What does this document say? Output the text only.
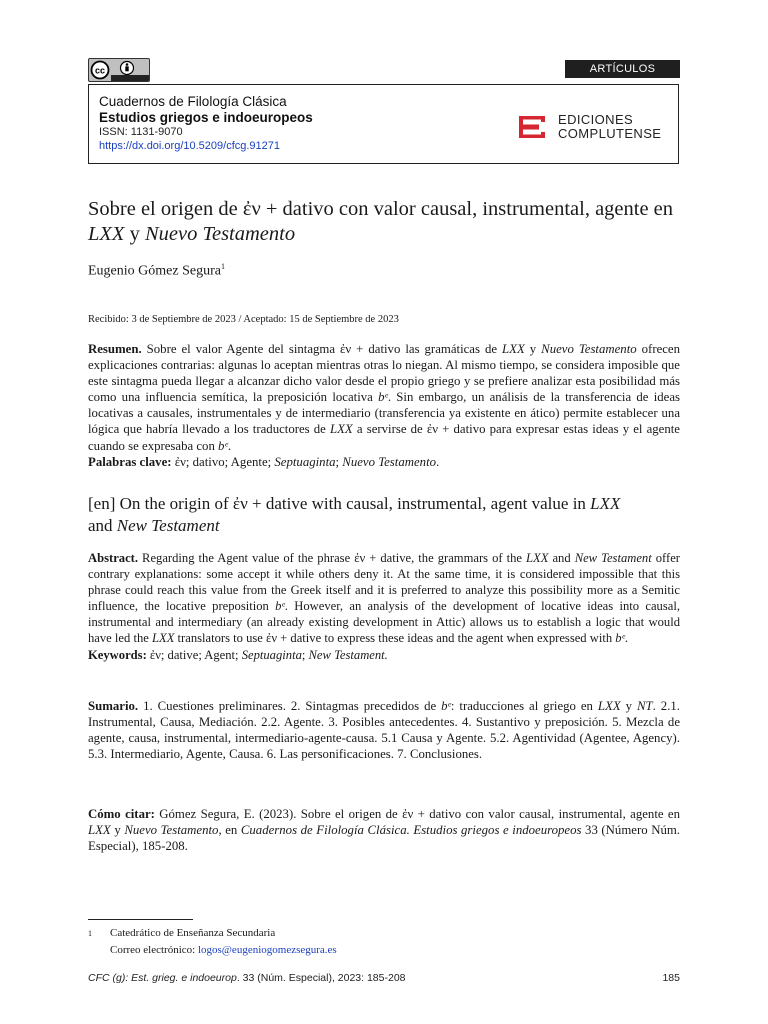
cc	ARTÍCULOS
Cuadernos de Filología Clásica
Estudios griegos e indoeuropeos
ISSN: 1131-9070
https://dx.doi.org/10.5209/cfcg.91271
EDICIONES
COMPLUTENSE
Sobre el origen de ἐν + dativo con valor causal, instrumental, agente en
LXX y Nuevo Testamento
Eugenio Gómez Segura$^1$
Recibido: 3 de Septiembre de 2023 / Aceptado: 15 de Septiembre de 2023
Resumen. Sobre el valor Agente del sintagma ἐν + dativo las gramáticas de LXX y Nuevo Testamento ofrecen explicaciones contrarias: algunas lo aceptan mientras otras lo niegan. Al mismo tiempo, se considera imposible que este sintagma pueda llegar a alcanzar dicho valor desde el propio griego y se prefiere analizar esta posibilidad más como una influencia semítica, la preposición locativa bᵉ. Sin embargo, un análisis de la transferencia de ideas locativas a causales, instrumentales y de intermediario (transferencia ya existente en ático) permite establecer una lógica que habría llevado a los traductores de LXX a servirse de ἐν + dativo para expresar estas ideas y el agente cuando se expresaba con bᵉ.
Palabras clave: ἐν; dativo; Agente; Septuaginta; Nuevo Testamento.
[en] On the origin of ἐν + dative with causal, instrumental, agent value in LXX
and New Testament
Abstract. Regarding the Agent value of the phrase ἐν + dative, the grammars of the LXX and New Testament offer contrary explanations: some accept it while others deny it. At the same time, it is considered impossible that this phrase could reach this value from the Greek itself and it is preferred to analyze this possibility more as a Semitic influence, the locative preposition bᵉ. However, an analysis of the development of locative ideas into causal, instrumental and intermediary (an already existing development in Attic) allows us to establish a logic that would have led the LXX translators to use ἐν + dative to express these ideas and the agent when expressed with bᵉ.
Keywords: ἐν; dative; Agent; Septuaginta; New Testament.
Sumario. 1. Cuestiones preliminares. 2. Sintagmas precedidos de bᵉ: traducciones al griego en LXX y NT. 2.1. Instrumental, Causa, Mediación. 2.2. Agente. 3. Posibles antecedentes. 4. Sustantivo y preposición. 5. Mezcla de agente, causa, instrumental, intermediario-agente-causa. 5.1 Causa y Agente. 5.2. Agentividad (Agentee, Agency). 5.3. Intermediario, Agente, Causa. 6. Las personificaciones. 7. Conclusiones.
Cómo citar: Gómez Segura, E. (2023). Sobre el origen de ἐν + dativo con valor causal, instrumental, agente en LXX y Nuevo Testamento, en Cuadernos de Filología Clásica. Estudios griegos e indoeuropeos 33 (Número Núm. Especial), 185-208.
1 Catedrático de Enseñanza Secundaria
Correo electrónico: logos@eugeniogomezsegura.es
CFC (g): Est. grieg. e indoeurop. 33 (Núm. Especial), 2023: 185-208	185
